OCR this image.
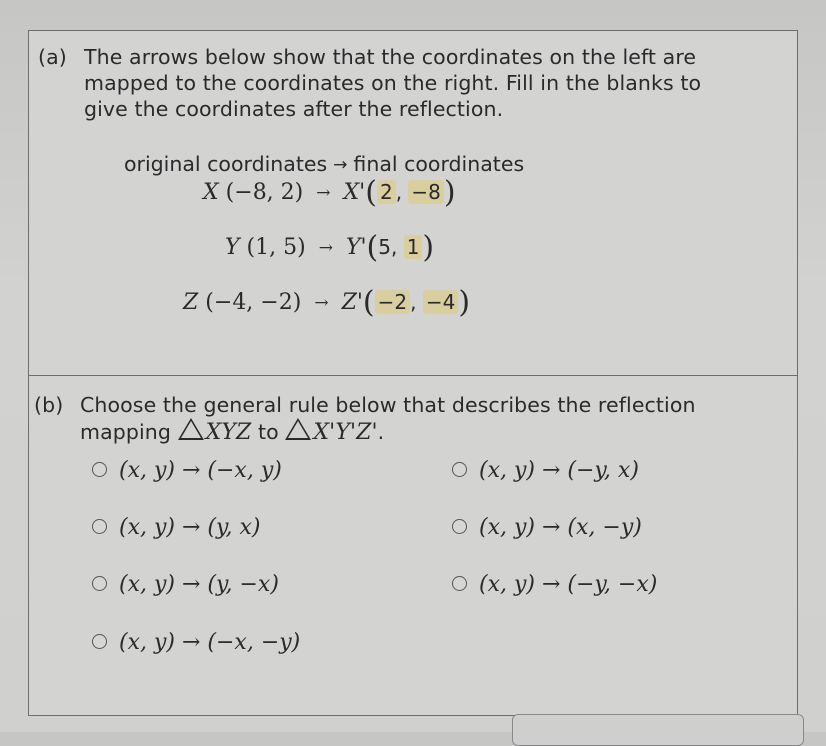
(a) The arrows below show that the coordinates on the left are
mapped to the coordinates on the right. Fill in the blanks to
give the coordinates after the reflection.
original coordinates → final coordinates
X (−8, 2) → X'( 2 , −8 )
Y (1, 5) → Y'(5, 1 )
Z (−4, −2) → Z'( −2 , −4 )
(b) Choose the general rule below that describes the reflection
mapping XYZ to X'Y'Z'.
(x, y) → (−x, y)
(x, y) → (y, x)
(x, y) → (y, −x)
(x, y) → (−x, −y)
(x, y) → (−y, x)
(x, y) → (x, −y)
(x, y) → (−y, −x)
